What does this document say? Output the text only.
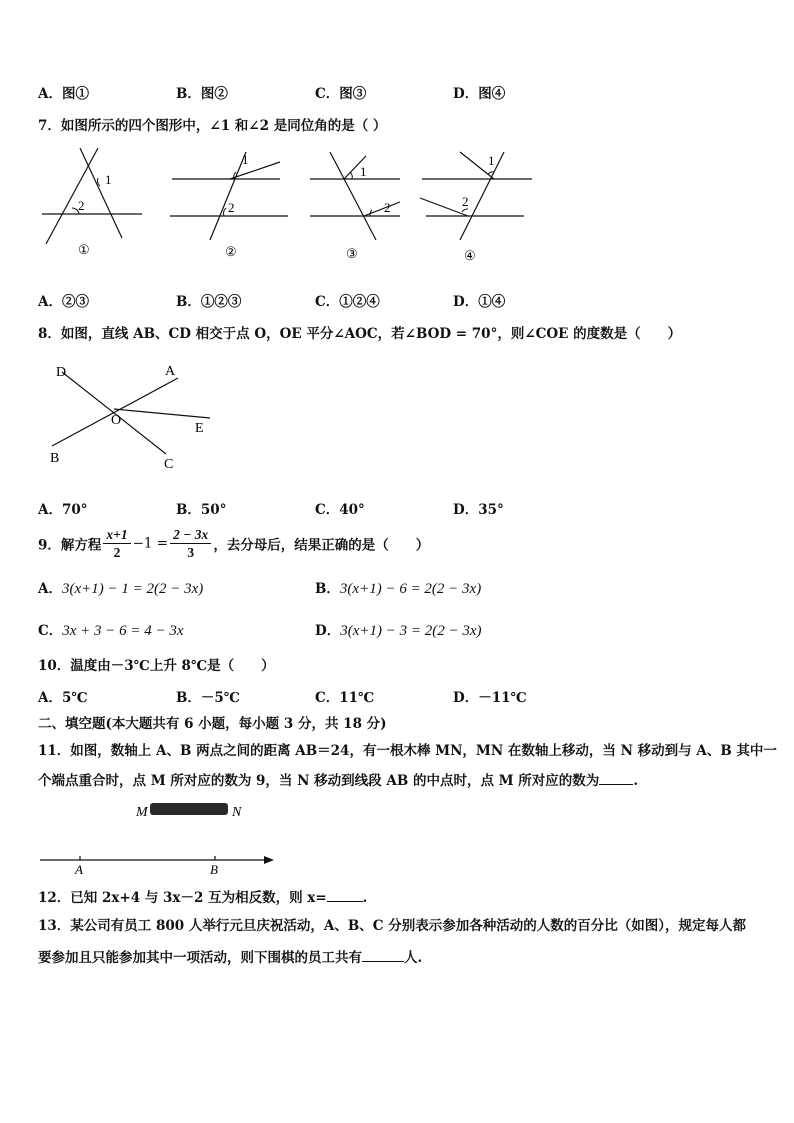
A．图①	B．图②	C．图③	D．图④
7．如图所示的四个图形中，∠1 和∠2 是同位角的是（ ）
1
2
①
1
2
②
1
2
③
1
2
④
A．②③	B．①②③	C．①②④	D．①④
8．如图，直线 AB、CD 相交于点 O，OE 平分∠AOC，若∠BOD = 70°，则∠COE 的度数是（　　）
D	A
O
E
B	C
A．70°	B．50°	C．40°	D．35°
9．解方程 $\frac{x+1}{2} -1 = \frac{2 - 3x}{3}$ ，去分母后，结果正确的是（　　）
A．3(x+1) − 1 = 2(2 − 3x)	B．3(x+1) − 6 = 2(2 − 3x)
C．3x + 3 − 6 = 4 − 3x	D．3(x+1) − 3 = 2(2 − 3x)
10．温度由－3℃上升 8℃是（　　）
A．5℃	B．－5℃	C．11℃	D．－11℃
二、填空题(本大题共有 6 小题，每小题 3 分，共 18 分)
11．如图，数轴上 A、B 两点之间的距离 AB＝24，有一根木棒 MN，MN 在数轴上移动，当 N 移动到与 A、B 其中一
个端点重合时，点 M 所对应的数为 9，当 N 移动到线段 AB 的中点时，点 M 所对应的数为	.
M	N
A	B
12．已知 2x+4 与 3x－2 互为相反数，则 x=	.
13．某公司有员工 800 人举行元旦庆祝活动，A、B、C 分别表示参加各种活动的人数的百分比（如图），规定每人都
要参加且只能参加其中一项活动，则下围棋的员工共有	人.
